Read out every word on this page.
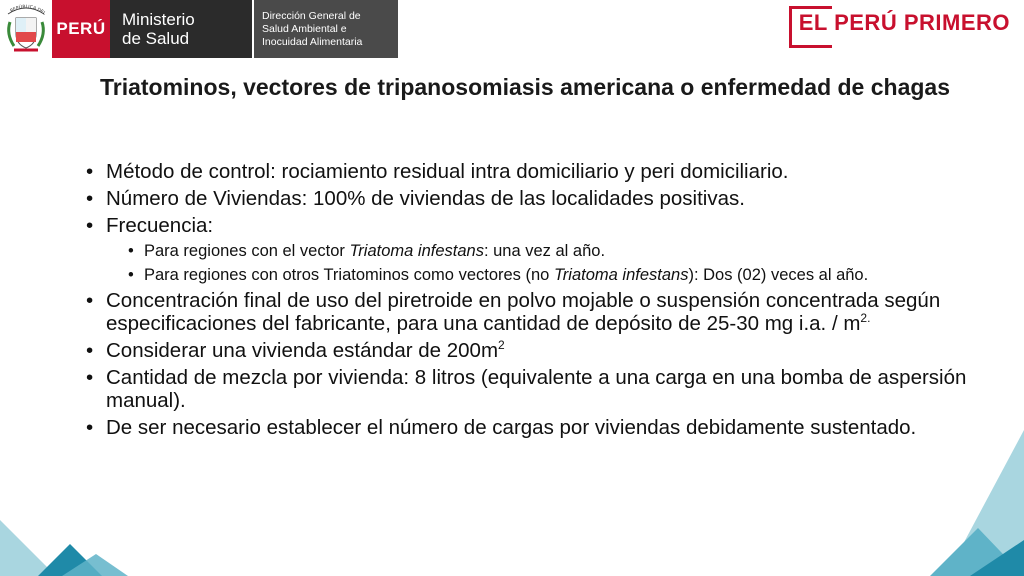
REPÚBLICA DEL
PERÚ Ministerio
de Salud
Dirección General de
Salud Ambiental e
Inocuidad Alimentaria
EL PERÚ PRIMERO
Triatominos, vectores de tripanosomiasis americana o enfermedad de chagas
• Método de control: rociamiento residual intra domiciliario y peri domiciliario.
• Número de Viviendas: 100% de viviendas de las localidades positivas.
• Frecuencia:
• Para regiones con el vector Triatoma infestans: una vez al año.
• Para regiones con otros Triatominos como vectores (no Triatoma infestans): Dos (02) veces al año.
• Concentración final de uso del piretroide en polvo mojable o suspensión concentrada según especificaciones del fabricante, para una cantidad de depósito de 25-30 mg i.a. / $m^{2.}$
• Considerar una vivienda estándar de $200m^2$
• Cantidad de mezcla por vivienda: 8 litros (equivalente a una carga en una bomba de aspersión manual).
• De ser necesario establecer el número de cargas por viviendas debidamente sustentado.
